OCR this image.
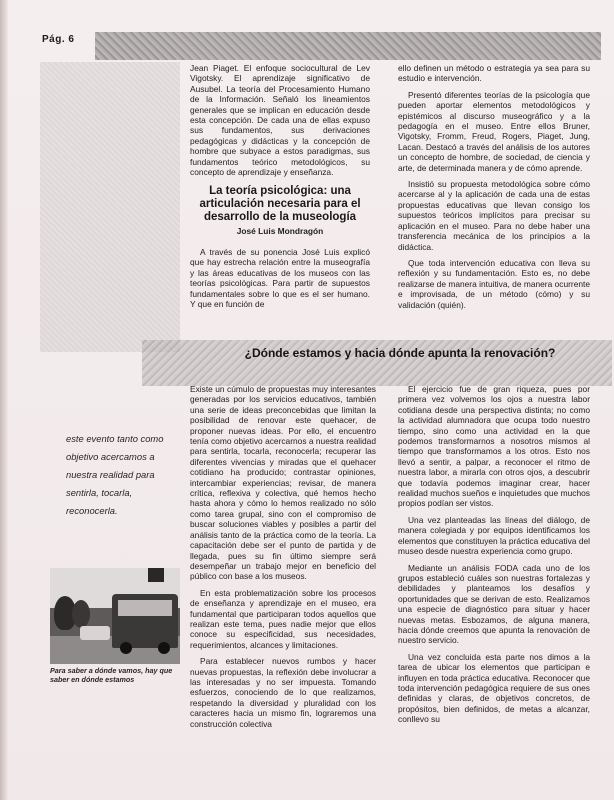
Pág. 6

Jean Piaget. El enfoque sociocultural de Lev Vigotsky. El aprendizaje significativo de Ausubel. La teoría del Procesamiento Humano de la Información. Señaló los lineamientos generales que se implican en educación desde esta concepción. De cada una de ellas expuso sus fundamentos, sus derivaciones pedagógicas y didácticas y la concepción de hombre que subyace a estos paradigmas, sus fundamentos teórico metodológicos, su concepto de aprendizaje y enseñanza.

La teoría psicológica: una articulación necesaria para el desarrollo de la museología
José Luis Mondragón

A través de su ponencia José Luis explicó que hay estrecha relación entre la museografía y las áreas educativas de los museos con las teorías psicológicas. Para partir de supuestos fundamentales sobre lo que es el ser humano. Y que en función de

ello definen un método o estrategia ya sea para su estudio e intervención.

Presentó diferentes teorías de la psicología que pueden aportar elementos metodológicos y epistémicos al discurso museográfico y a la pedagogía en el museo. Entre ellos Bruner, Vigotsky, Fromm, Freud, Rogers, Piaget, Jung, Lacan. Destacó a través del análisis de los autores un concepto de hombre, de sociedad, de ciencia y arte, de determinada manera y de cómo aprende.

Insistió su propuesta metodológica sobre cómo acercarse al y la aplicación de cada una de estas propuestas educativas que llevan consigo los supuestos teóricos implícitos para precisar su aplicación en el museo. Para no debe haber una transferencia mecánica de los principios a la didáctica.

Que toda intervención educativa con lleva su reflexión y su fundamentación. Esto es, no debe realizarse de manera intuitiva, de manera ocurrente e improvisada, de un método (cómo) y su validación (quién).

¿Dónde estamos y hacia dónde apunta la renovación?
este evento tanto como objetivo acercamos a nuestra realidad para sentirla, tocarla, reconocerla.
Para saber a dónde vamos, hay que saber en dónde estamos

Existe un cúmulo de propuestas muy interesantes generadas por los servicios educativos, también una serie de ideas preconcebidas que limitan la posibilidad de renovar este quehacer, de proponer nuevas ideas. Por ello, el encuentro tenía como objetivo acercarnos a nuestra realidad para sentirla, tocarla, reconocerla; recuperar las diferentes vivencias y miradas que el quehacer cotidiano ha producido; contrastar opiniones, intercambiar experiencias; revisar, de manera crítica, reflexiva y colectiva, qué hemos hecho hasta ahora y cómo lo hemos realizado no sólo como tarea grupal, sino con el compromiso de buscar soluciones viables y posibles a partir del análisis tanto de la práctica como de la teoría. La capacitación debe ser el punto de partida y de llegada, pues su fin último siempre será desempeñar un trabajo mejor en beneficio del público con base a los museos.

En esta problematización sobre los procesos de enseñanza y aprendizaje en el museo, era fundamental que participaran todos aquellos que realizan este tema, pues nadie mejor que ellos conoce su especificidad, sus necesidades, requerimientos, alcances y limitaciones.

Para establecer nuevos rumbos y hacer nuevas propuestas, la reflexión debe involucrar a las interesadas y no ser impuesta. Tomando esfuerzos, conociendo de lo que realizamos, respetando la diversidad y pluralidad con los caracteres hacia un mismo fin, lograremos una construcción colectiva

El ejercicio fue de gran riqueza, pues por primera vez volvemos los ojos a nuestra labor cotidiana desde una perspectiva distinta; no como la actividad alumnadora que ocupa todo nuestro tiempo, sino como una actividad en la que podemos transformarnos a nosotros mismos al tiempo que transformamos a los otros. Esto nos llevó a sentir, a palpar, a reconocer el ritmo de nuestra labor, a mirarla con otros ojos, a descubrir que todavía podemos imaginar crear, hacer realidad muchos sueños e inquietudes que muchos propios podían ser vistos.

Una vez planteadas las líneas del diálogo, de manera colegiada y por equipos identificamos los elementos que constituyen la práctica educativa del museo desde nuestra experiencia como grupo.

Mediante un análisis FODA cada uno de los grupos estableció cuáles son nuestras fortalezas y debilidades y planteamos los desafíos y oportunidades que se derivan de esto. Realizamos una especie de diagnóstico para situar y hacer nuevas metas. Esbozamos, de alguna manera, hacia dónde creemos que apunta la renovación de nuestro servicio.

Una vez concluida esta parte nos dimos a la tarea de ubicar los elementos que participan e influyen en toda práctica educativa. Reconocer que toda intervención pedagógica requiere de sus ones definidas y claras, de objetivos concretos, de propósitos, bien definidos, de metas a alcanzar, conllevo su
